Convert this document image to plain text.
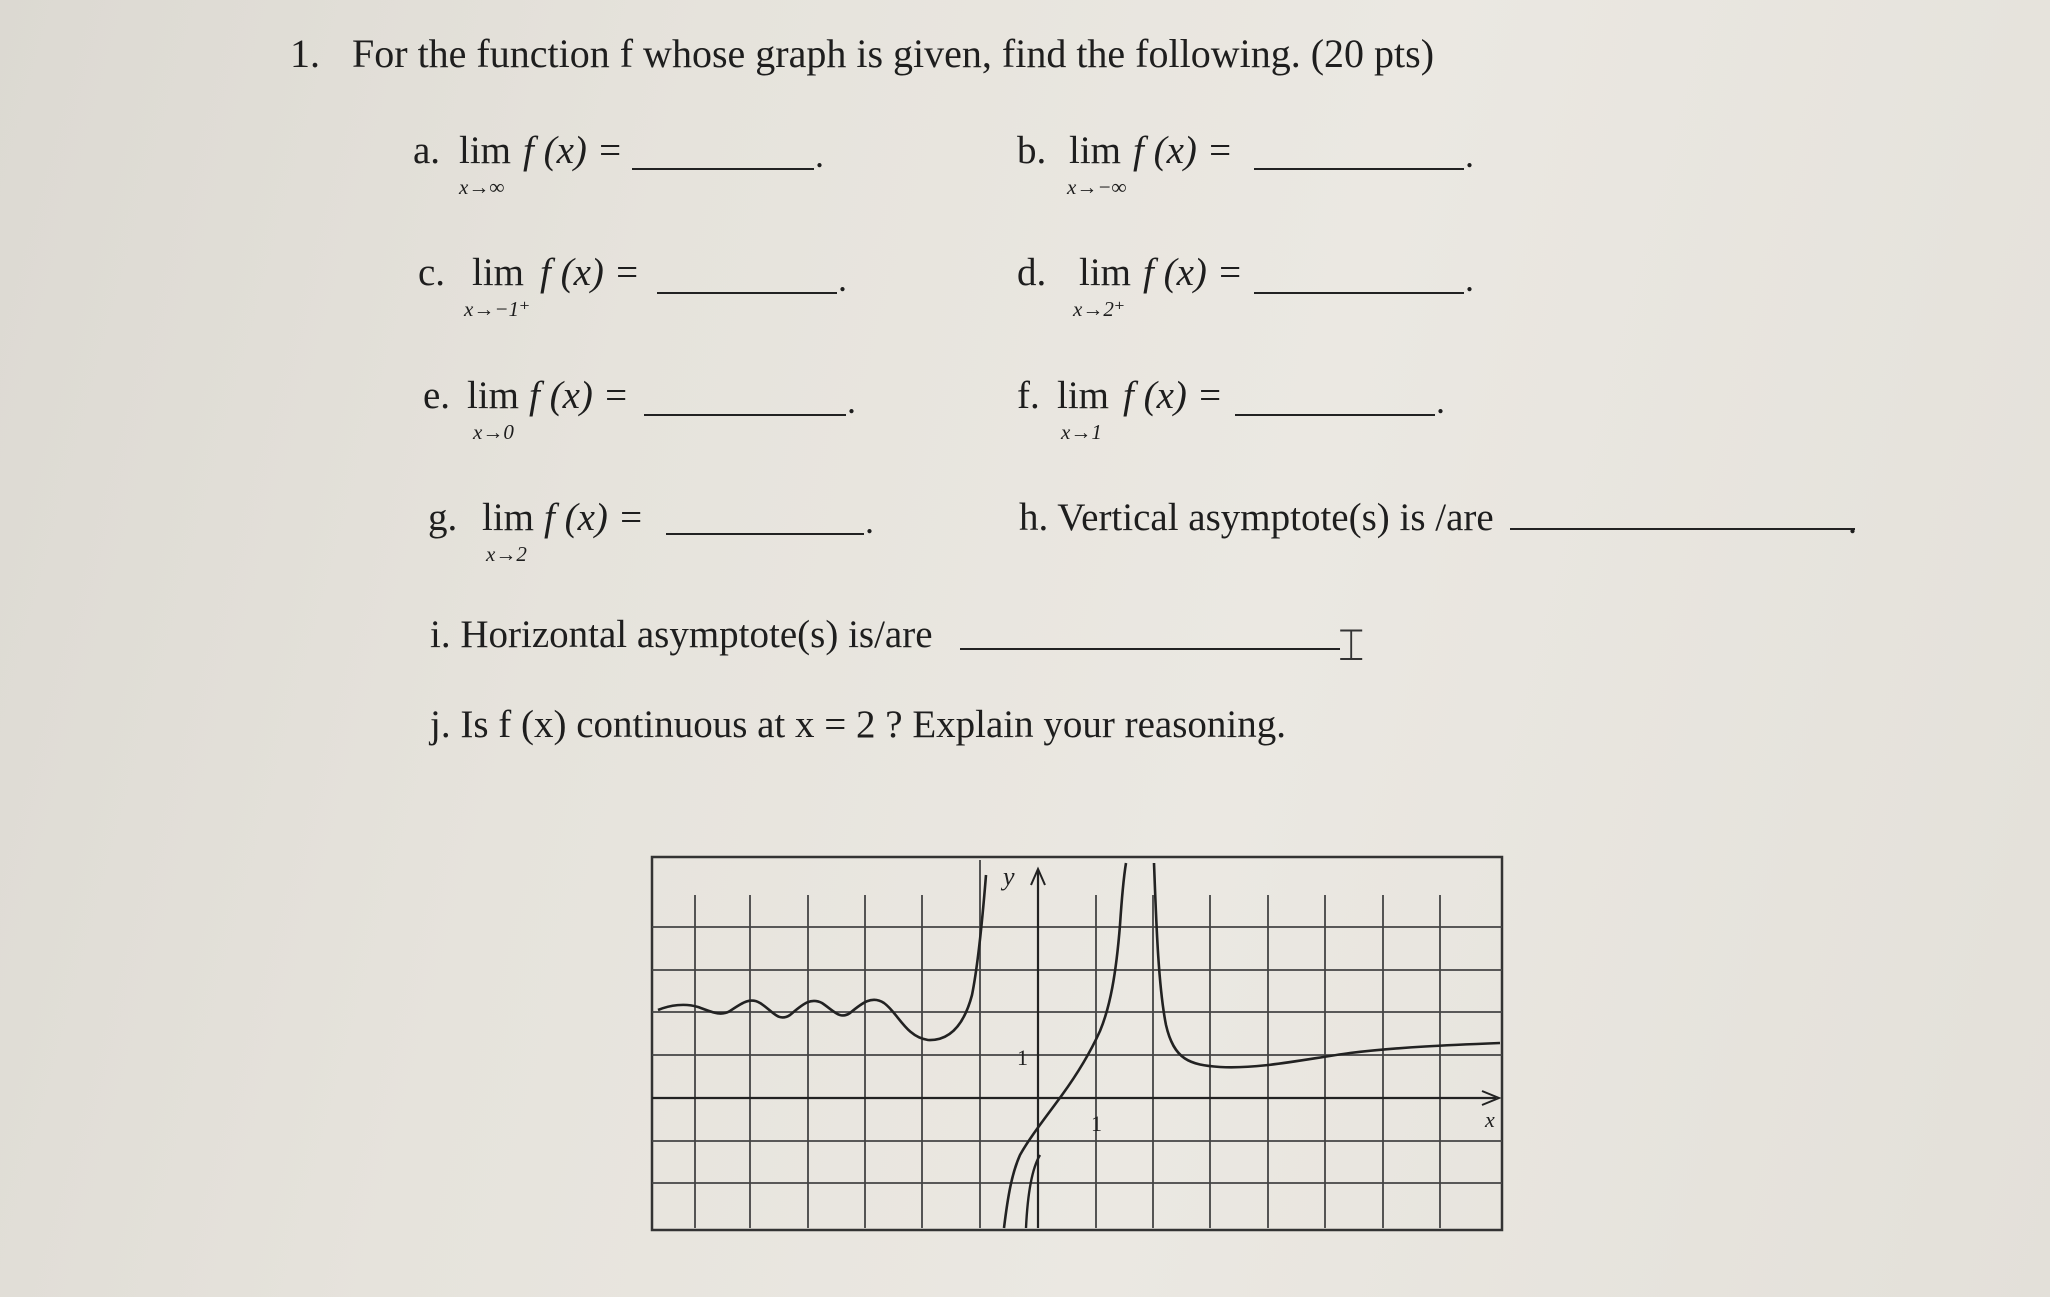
1. For the function f whose graph is given, find the following. (20 pts)
a. lim
x→∞
f (x) =	.	b. lim
x→−∞
f (x) =	.
c. lim
x→−1⁺
f (x) =	.	d. lim
x→2⁺
f (x) =	.
e. lim
x→0
f (x) =	.	f. lim
x→1
f (x) =	.
g. lim
x→2
f (x) =	.	h. Vertical asymptote(s) is /are	.
i. Horizontal asymptote(s) is/are	⌶
j. Is f (x) continuous at x = 2 ? Explain your reasoning.
y
x
1
1
